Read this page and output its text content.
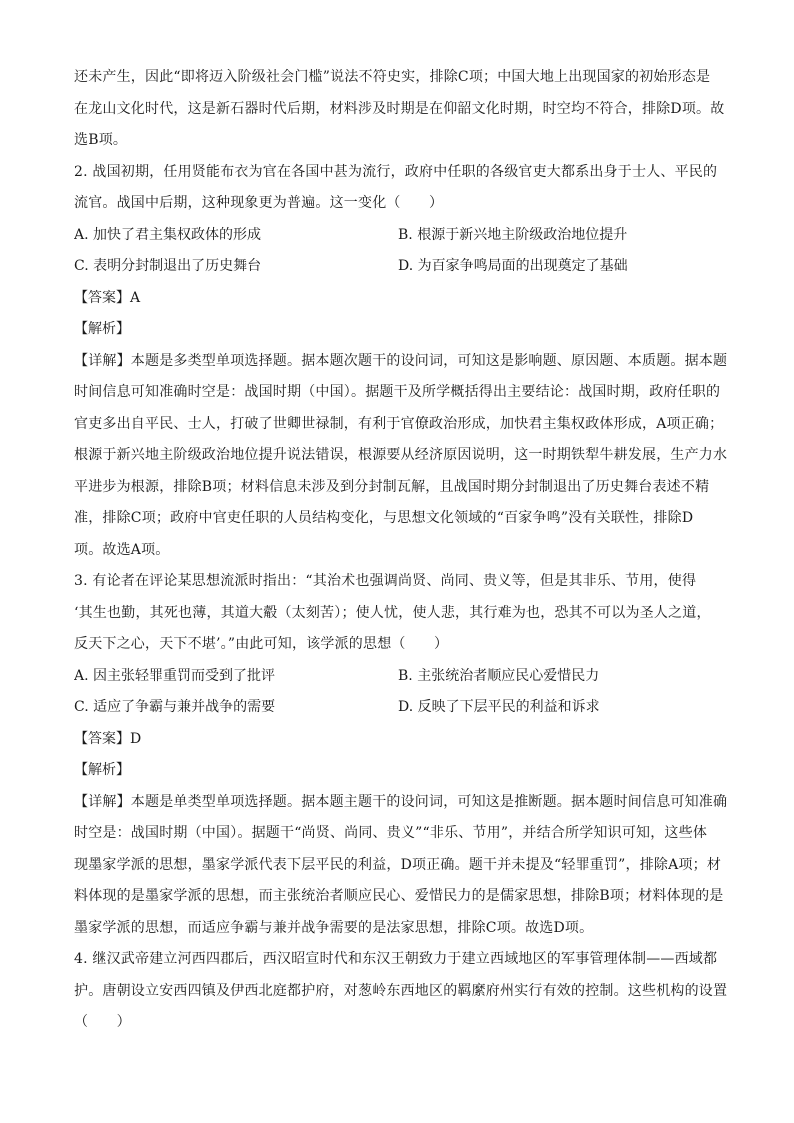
还未产生，因此“即将迈入阶级社会门槛”说法不符史实，排除C项；中国大地上出现国家的初始形态是
在龙山文化时代，这是新石器时代后期，材料涉及时期是在仰韶文化时期，时空均不符合，排除D项。故
选B项。
2. 战国初期，任用贤能布衣为官在各国中甚为流行，政府中任职的各级官吏大都系出身于士人、平民的
流官。战国中后期，这种现象更为普遍。这一变化（　　）
A. 加快了君主集权政体的形成	B. 根源于新兴地主阶级政治地位提升
C. 表明分封制退出了历史舞台	D. 为百家争鸣局面的出现奠定了基础
【答案】A
【解析】
【详解】本题是多类型单项选择题。据本题次题干的设问词，可知这是影响题、原因题、本质题。据本题
时间信息可知准确时空是：战国时期（中国）。据题干及所学概括得出主要结论：战国时期，政府任职的
官吏多出自平民、士人，打破了世卿世禄制，有利于官僚政治形成，加快君主集权政体形成，A项正确；
根源于新兴地主阶级政治地位提升说法错误，根源要从经济原因说明，这一时期铁犁牛耕发展，生产力水
平进步为根源，排除B项；材料信息未涉及到分封制瓦解，且战国时期分封制退出了历史舞台表述不精
准，排除C项；政府中官吏任职的人员结构变化，与思想文化领域的“百家争鸣”没有关联性，排除D
项。故选A项。
3. 有论者在评论某思想流派时指出：“其治术也强调尚贤、尚同、贵义等，但是其非乐、节用，使得
‘其生也勤，其死也薄，其道大觳（太刻苦）；使人忧，使人悲，其行难为也，恐其不可以为圣人之道，
反天下之心，天下不堪’。”由此可知，该学派的思想（　　）
A. 因主张轻罪重罚而受到了批评	B. 主张统治者顺应民心爱惜民力
C. 适应了争霸与兼并战争的需要	D. 反映了下层平民的利益和诉求
【答案】D
【解析】
【详解】本题是单类型单项选择题。据本题主题干的设问词，可知这是推断题。据本题时间信息可知准确
时空是：战国时期（中国）。据题干“尚贤、尚同、贵义”“非乐、节用”，并结合所学知识可知，这些体
现墨家学派的思想，墨家学派代表下层平民的利益，D项正确。题干并未提及“轻罪重罚”，排除A项；材
料体现的是墨家学派的思想，而主张统治者顺应民心、爱惜民力的是儒家思想，排除B项；材料体现的是
墨家学派的思想，而适应争霸与兼并战争需要的是法家思想，排除C项。故选D项。
4. 继汉武帝建立河西四郡后，西汉昭宣时代和东汉王朝致力于建立西域地区的军事管理体制——西域都
护。唐朝设立安西四镇及伊西北庭都护府，对葱岭东西地区的羁縻府州实行有效的控制。这些机构的设置
（　　）
